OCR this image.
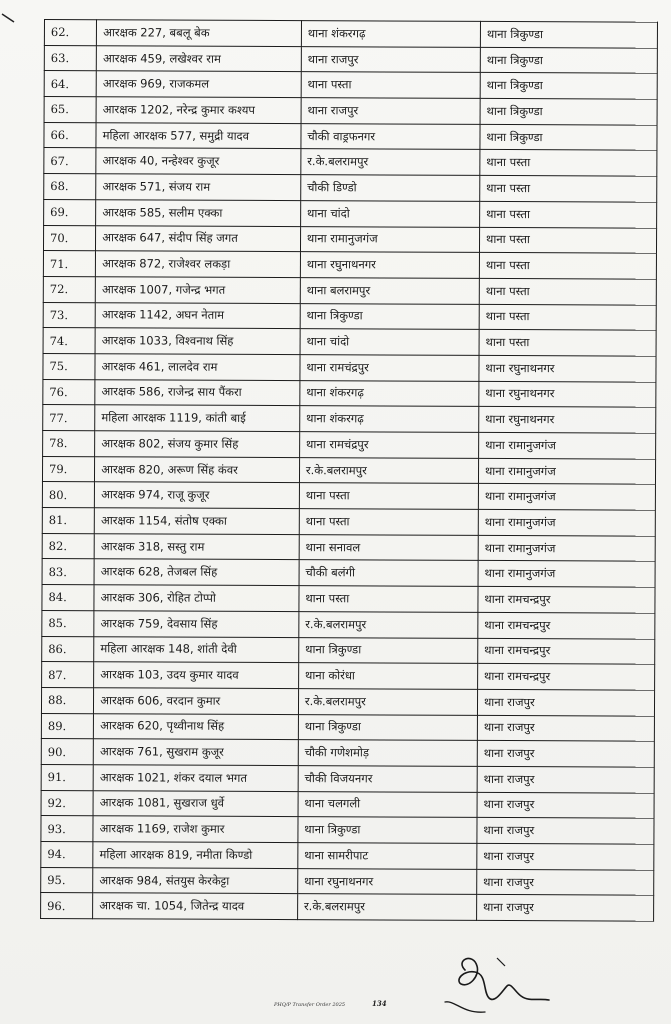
62.	आरक्षक 227, बबलू बेक	थाना शंकरगढ़	थाना त्रिकुण्डा
63.	आरक्षक 459, लखेश्वर राम	थाना राजपुर	थाना त्रिकुण्डा
64.	आरक्षक 969, राजकमल	थाना पस्ता	थाना त्रिकुण्डा
65.	आरक्षक 1202, नरेन्द्र कुमार कश्यप	थाना राजपुर	थाना त्रिकुण्डा
66.	महिला आरक्षक 577, समुद्री यादव	चौकी वाड्रफनगर	थाना त्रिकुण्डा
67.	आरक्षक 40, नन्हेश्वर कुजूर	र.के.बलरामपुर	थाना पस्ता
68.	आरक्षक 571, संजय राम	चौकी डिण्डो	थाना पस्ता
69.	आरक्षक 585, सलीम एक्का	थाना चांदो	थाना पस्ता
70.	आरक्षक 647, संदीप सिंह जगत	थाना रामानुजगंज	थाना पस्ता
71.	आरक्षक 872, राजेश्वर लकड़ा	थाना रघुनाथनगर	थाना पस्ता
72.	आरक्षक 1007, गजेन्द्र भगत	थाना बलरामपुर	थाना पस्ता
73.	आरक्षक 1142, अघन नेताम	थाना त्रिकुण्डा	थाना पस्ता
74.	आरक्षक 1033, विश्वनाथ सिंह	थाना चांदो	थाना पस्ता
75.	आरक्षक 461, लालदेव राम	थाना रामचंद्रपुर	थाना रघुनाथनगर
76.	आरक्षक 586, राजेन्द्र साय पैंकरा	थाना शंकरगढ़	थाना रघुनाथनगर
77.	महिला आरक्षक 1119, कांती बाई	थाना शंकरगढ़	थाना रघुनाथनगर
78.	आरक्षक 802, संजय कुमार सिंह	थाना रामचंद्रपुर	थाना रामानुजगंज
79.	आरक्षक 820, अरूण सिंह कंवर	र.के.बलरामपुर	थाना रामानुजगंज
80.	आरक्षक 974, राजू कुजूर	थाना पस्ता	थाना रामानुजगंज
81.	आरक्षक 1154, संतोष एक्का	थाना पस्ता	थाना रामानुजगंज
82.	आरक्षक 318, सस्तु राम	थाना सनावल	थाना रामानुजगंज
83.	आरक्षक 628, तेजबल सिंह	चौकी बलंगी	थाना रामानुजगंज
84.	आरक्षक 306, रोहित टोप्पो	थाना पस्ता	थाना रामचन्द्रपुर
85.	आरक्षक 759, देवसाय सिंह	र.के.बलरामपुर	थाना रामचन्द्रपुर
86.	महिला आरक्षक 148, शांती देवी	थाना त्रिकुण्डा	थाना रामचन्द्रपुर
87.	आरक्षक 103, उदय कुमार यादव	थाना कोरंधा	थाना रामचन्द्रपुर
88.	आरक्षक 606, वरदान कुमार	र.के.बलरामपुर	थाना राजपुर
89.	आरक्षक 620, पृथ्वीनाथ सिंह	थाना त्रिकुण्डा	थाना राजपुर
90.	आरक्षक 761, सुखराम कुजूर	चौकी गणेशमोड़	थाना राजपुर
91.	आरक्षक 1021, शंकर दयाल भगत	चौकी विजयनगर	थाना राजपुर
92.	आरक्षक 1081, सुखराज धुर्वे	थाना चलगली	थाना राजपुर
93.	आरक्षक 1169, राजेश कुमार	थाना त्रिकुण्डा	थाना राजपुर
94.	महिला आरक्षक 819, नमीता किण्डो	थाना सामरीपाट	थाना राजपुर
95.	आरक्षक 984, संतयुस केरकेट्टा	थाना रघुनाथनगर	थाना राजपुर
96.	आरक्षक चा. 1054, जितेन्द्र यादव	र.के.बलरामपुर	थाना राजपुर
PHQ/P Transfer Order 2025	134
